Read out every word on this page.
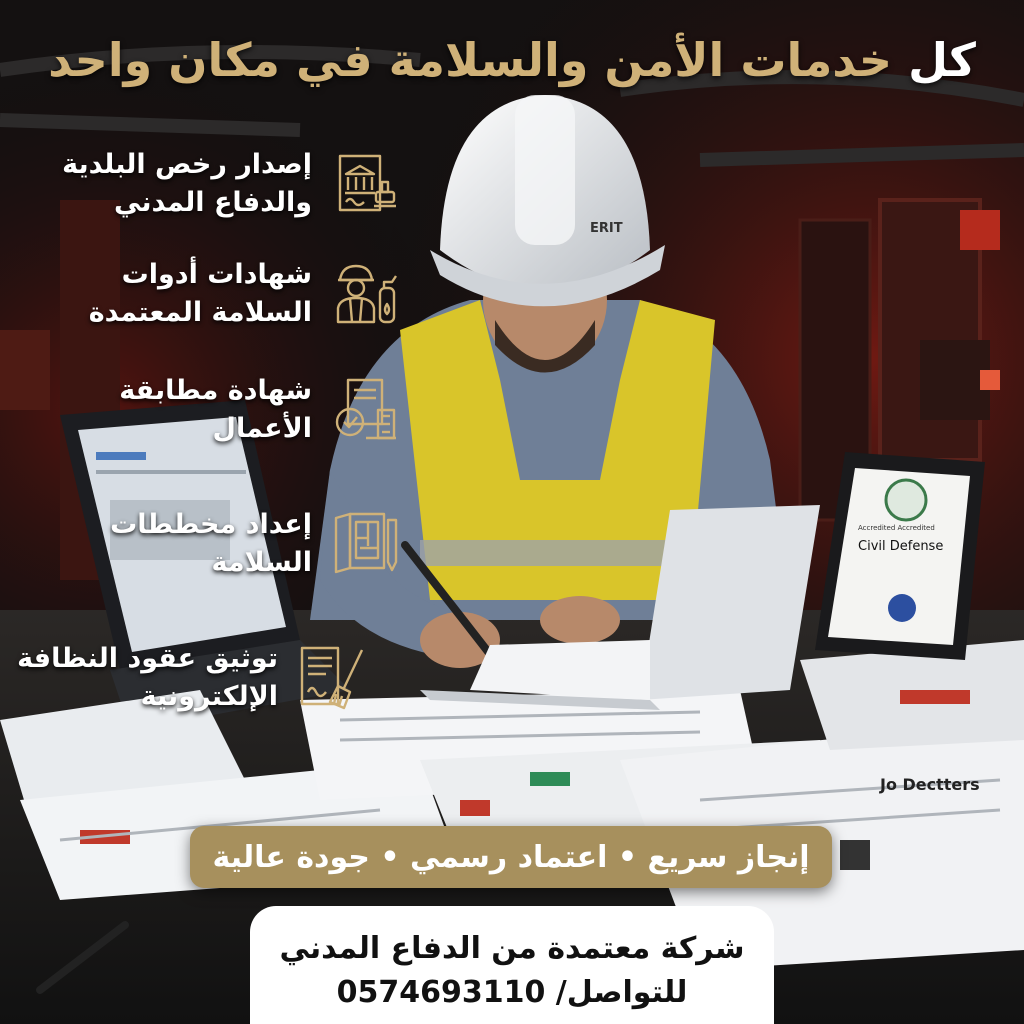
Jo Dectters
Accredited Accredited
Civil Defense
ERIT
كل خدمات الأمن والسلامة في مكان واحد
إصدار رخص البلدية
والدفاع المدني
شهادات أدوات
السلامة المعتمدة
شهادة مطابقة
الأعمال
إعداد مخططات
السلامة
توثيق عقود النظافة
الإلكترونية
إنجاز سريع • اعتماد رسمي • جودة عالية
شركة معتمدة من الدفاع المدني
للتواصل/ 0574693110
